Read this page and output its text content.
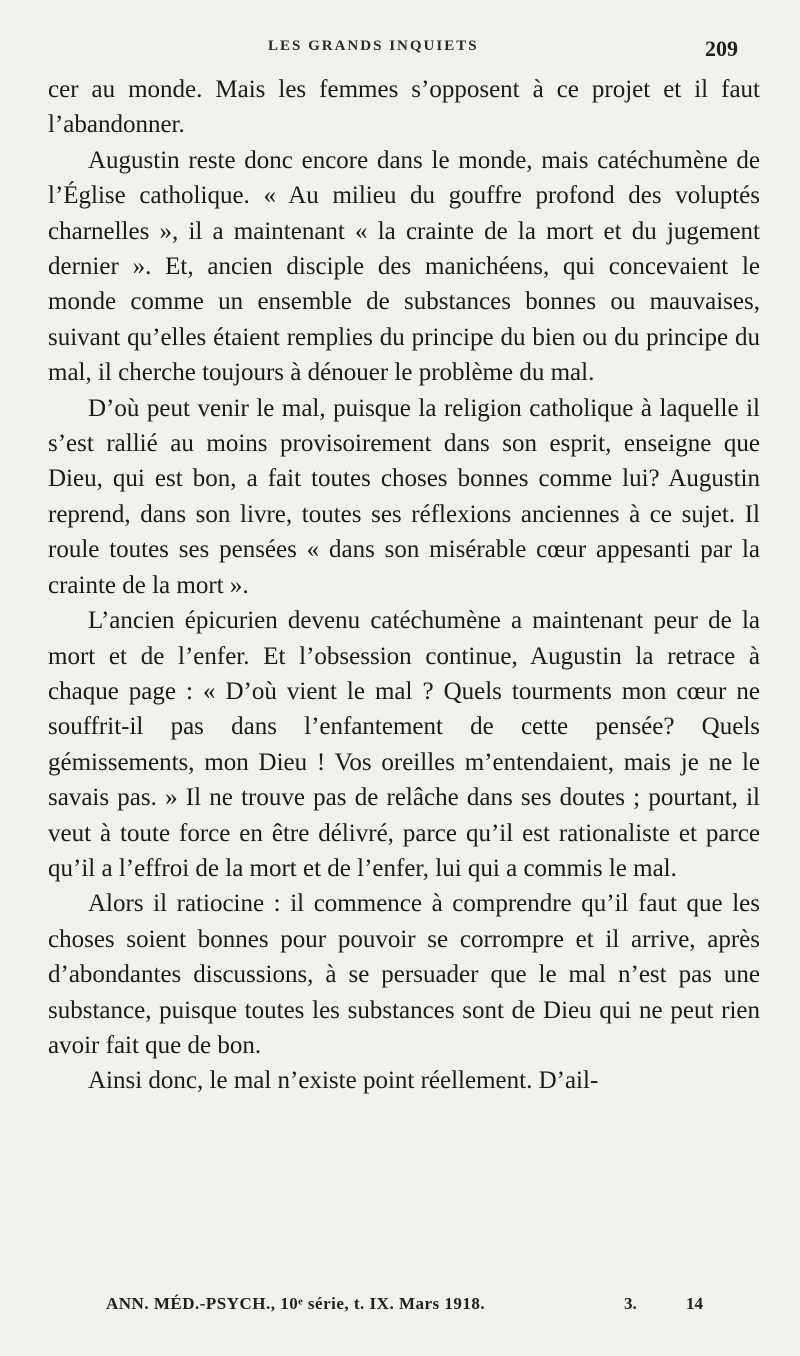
LES GRANDS INQUIETS	209

cer au monde. Mais les femmes s’opposent à ce projet et il faut l’abandonner.

Augustin reste donc encore dans le monde, mais catéchumène de l’Église catholique. « Au milieu du gouffre profond des voluptés charnelles », il a maintenant « la crainte de la mort et du jugement dernier ». Et, ancien disciple des manichéens, qui concevaient le monde comme un ensemble de substances bonnes ou mauvaises, suivant qu’elles étaient remplies du principe du bien ou du principe du mal, il cherche toujours à dénouer le problème du mal.

D’où peut venir le mal, puisque la religion catholique à laquelle il s’est rallié au moins provisoirement dans son esprit, enseigne que Dieu, qui est bon, a fait toutes choses bonnes comme lui? Augustin reprend, dans son livre, toutes ses réflexions anciennes à ce sujet. Il roule toutes ses pensées « dans son misérable cœur appesanti par la crainte de la mort ».

L’ancien épicurien devenu catéchumène a maintenant peur de la mort et de l’enfer. Et l’obsession continue, Augustin la retrace à chaque page : « D’où vient le mal ? Quels tourments mon cœur ne souffrit-il pas dans l’enfantement de cette pensée? Quels gémissements, mon Dieu ! Vos oreilles m’entendaient, mais je ne le savais pas. » Il ne trouve pas de relâche dans ses doutes ; pourtant, il veut à toute force en être délivré, parce qu’il est rationaliste et parce qu’il a l’effroi de la mort et de l’enfer, lui qui a commis le mal.

Alors il ratiocine : il commence à comprendre qu’il faut que les choses soient bonnes pour pouvoir se corrompre et il arrive, après d’abondantes discussions, à se persuader que le mal n’est pas une substance, puisque toutes les substances sont de Dieu qui ne peut rien avoir fait que de bon.

Ainsi donc, le mal n’existe point réellement. D’ail-

ANN. MÉD.-PSYCH., 10ᵉ série, t. IX. Mars 1918.	3.	14
